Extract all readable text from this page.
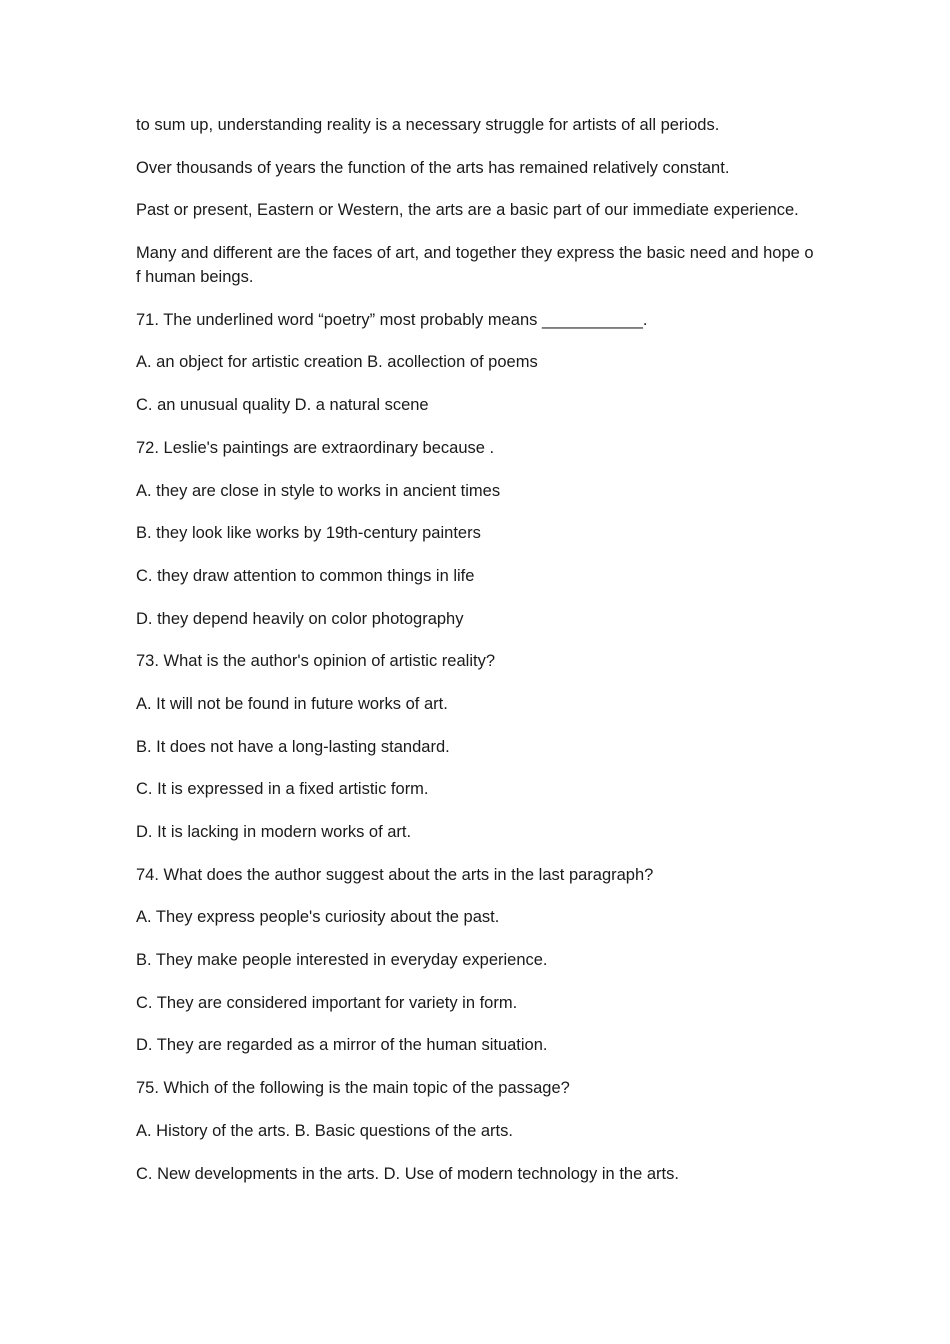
to sum up, understanding reality is a necessary struggle for artists of all periods.

Over thousands of years the function of the arts has remained relatively constant.

Past or present, Eastern or Western, the arts are a basic part of our immediate experience.

Many and different are the faces of art, and together they express the basic need and hope of human beings.

71. The underlined word “poetry” most probably means ___________.

A. an object for artistic creation B. acollection of poems

C. an unusual quality D. a natural scene

72. Leslie's paintings are extraordinary because .

A. they are close in style to works in ancient times

B. they look like works by 19th-century painters

C. they draw attention to common things in life

D. they depend heavily on color photography

73. What is the author's opinion of artistic reality?

A. It will not be found in future works of art.

B. It does not have a long-lasting standard.

C. It is expressed in a fixed artistic form.

D. It is lacking in modern works of art.

74. What does the author suggest about the arts in the last paragraph?

A. They express people's curiosity about the past.

B. They make people interested in everyday experience.

C. They are considered important for variety in form.

D. They are regarded as a mirror of the human situation.

75. Which of the following is the main topic of the passage?

A. History of the arts. B. Basic questions of the arts.

C. New developments in the arts. D. Use of modern technology in the arts.
